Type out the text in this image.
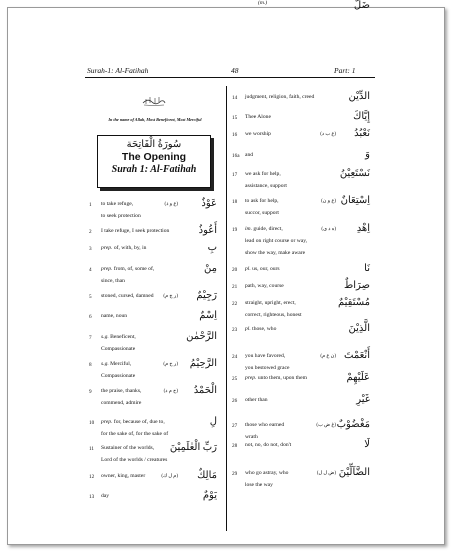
Surah-1: Al-Fatihah	48	Part: 1
In the name of Allah, Most Beneficent, Most Merciful
سُورَةُ الْفَاتِحَة
The Opening
Surah 1: Al-Fatihah
1	عَوْذٌ
(ع و ذ)
to take refuge,
to seek protection
2	أَعُوذُ
I take refuge, I seek protection
3	بِ
prep. of, with, by, in
4	مِنْ
prep. from, of, some of,
since, than
5	رَجِيْمٌ
(ر ج م)
stoned, cursed, damned
6	اِسْمٌ
name, noun
7	الرَّحْمٰن
s.g. Beneficent,
Compassionate
8	الرَّحِيْمُ
(ر ح م)
s.g. Merciful,
Compassionate
9	الْحَمْدُ
(ح م د)
the praise, thanks,
commend, admire
10	لِ
prep. for, because of, due to,
for the sake of, for the sake of
11	رَبِّ الْعٰلَمِيْنَ
Sustainer of the worlds,
Lord of the worlds / creatures
12	مَالِكٌ
(م ل ك)
owner, king, master
13	يَوْمٌ
day
14	الدِّيْن
judgment, religion, faith, creed
15	إِيَّاكَ
Thee Alone
16	نَعْبُدُ
(ع ب د)
we worship
16a	وَ
and
17	نَسْتَعِيْنُ
we ask for help,
assistance, support
18	اِسْتِعَانٌ
(ع و ن)
to ask for help,
succor, support
19	اِهْدِ
(ه د ى)
im. guide, direct,
lead on right course or way,
show the way, make aware
20	نَا
pl. us, our, ours
21	صِرَاطٌ
path, way, course
22	مُسْتَقِيْمٌ
straight, upright, erect,
correct, righteous, honest
23	الَّذِيْنَ
pl. those, who
24	أَنْعَمْتَ
(ن ع م)
you have favored,
you bestowed grace
25	عَلَيْهِمْ
prep. unto them, upon them
26	غَيْرِ
other than
27	مَغْضُوْبٌ
(غ ض ب)
those who earned
wrath
28	لَا
not, no, do not, don't
29	الضَّآلِّيْنَ
(ض ل ل)
who go astray, who
lose the way
ضَلَّ
(m.)
